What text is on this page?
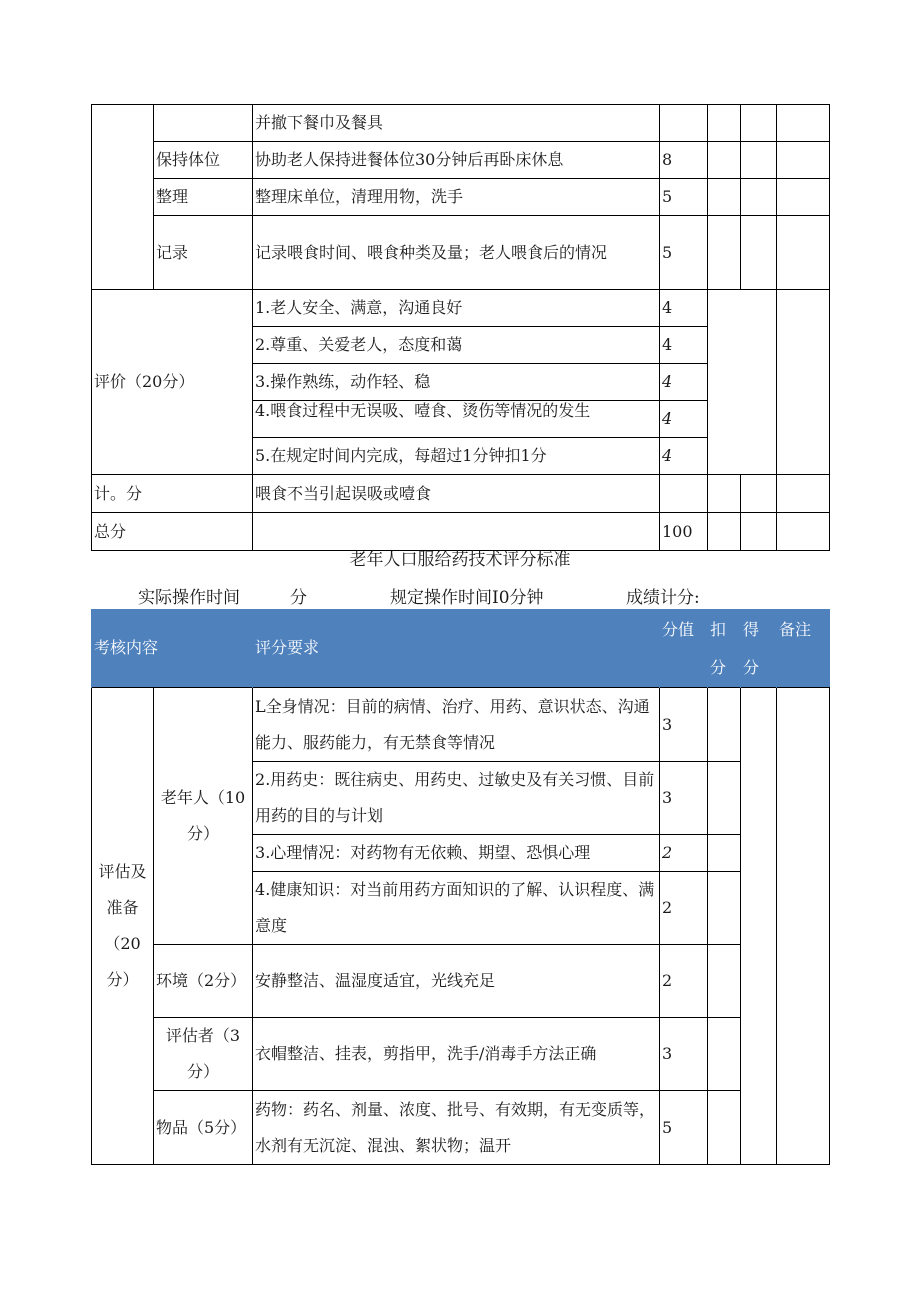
		并撤下餐巾及餐具				
	保持体位	协助老人保持进餐体位30分钟后再卧床休息	8			
	整理	整理床单位，清理用物，洗手	5			
	记录	记录喂食时间、喂食种类及量；老人喂食后的情况	5			
评价（20分）		1.老人安全、满意，沟通良好	4			
		2.尊重、关爱老人，态度和蔼	4			
		3.操作熟练，动作轻、稳	4			

		4.喂食过程中无误吸、噎食、烫伤等情况的发生	4			
		5.在规定时间内完成，每超过1分钟扣1分	4			
计。分		喂食不当引起误吸或噎食				
总分			100			
老年人口服给药技术评分标准
实际操作时间	分	规定操作时间I0分钟	成绩计分:
考核内容		评分要求	分值	扣分	得分	备注
评估及准备（20分）	老年人（10分）	L全身情况：目前的病情、治疗、用药、意识状态、沟通能力、服药能力，有无禁食等情况	3			
		2.用药史：既往病史、用药史、过敏史及有关习惯、目前用药的目的与计划	3			
		3.心理情况：对药物有无依赖、期望、恐惧心理	2			
		4.健康知识：对当前用药方面知识的了解、认识程度、满意度	2			
	环境（2分）	安静整洁、温湿度适宜，光线充足	2			
	评估者（3分）	衣帽整洁、挂表，剪指甲，洗手/消毒手方法正确	3			
	物品（5分）	药物：药名、剂量、浓度、批号、有效期，有无变质等，水剂有无沉淀、混浊、絮状物；温开	5			
